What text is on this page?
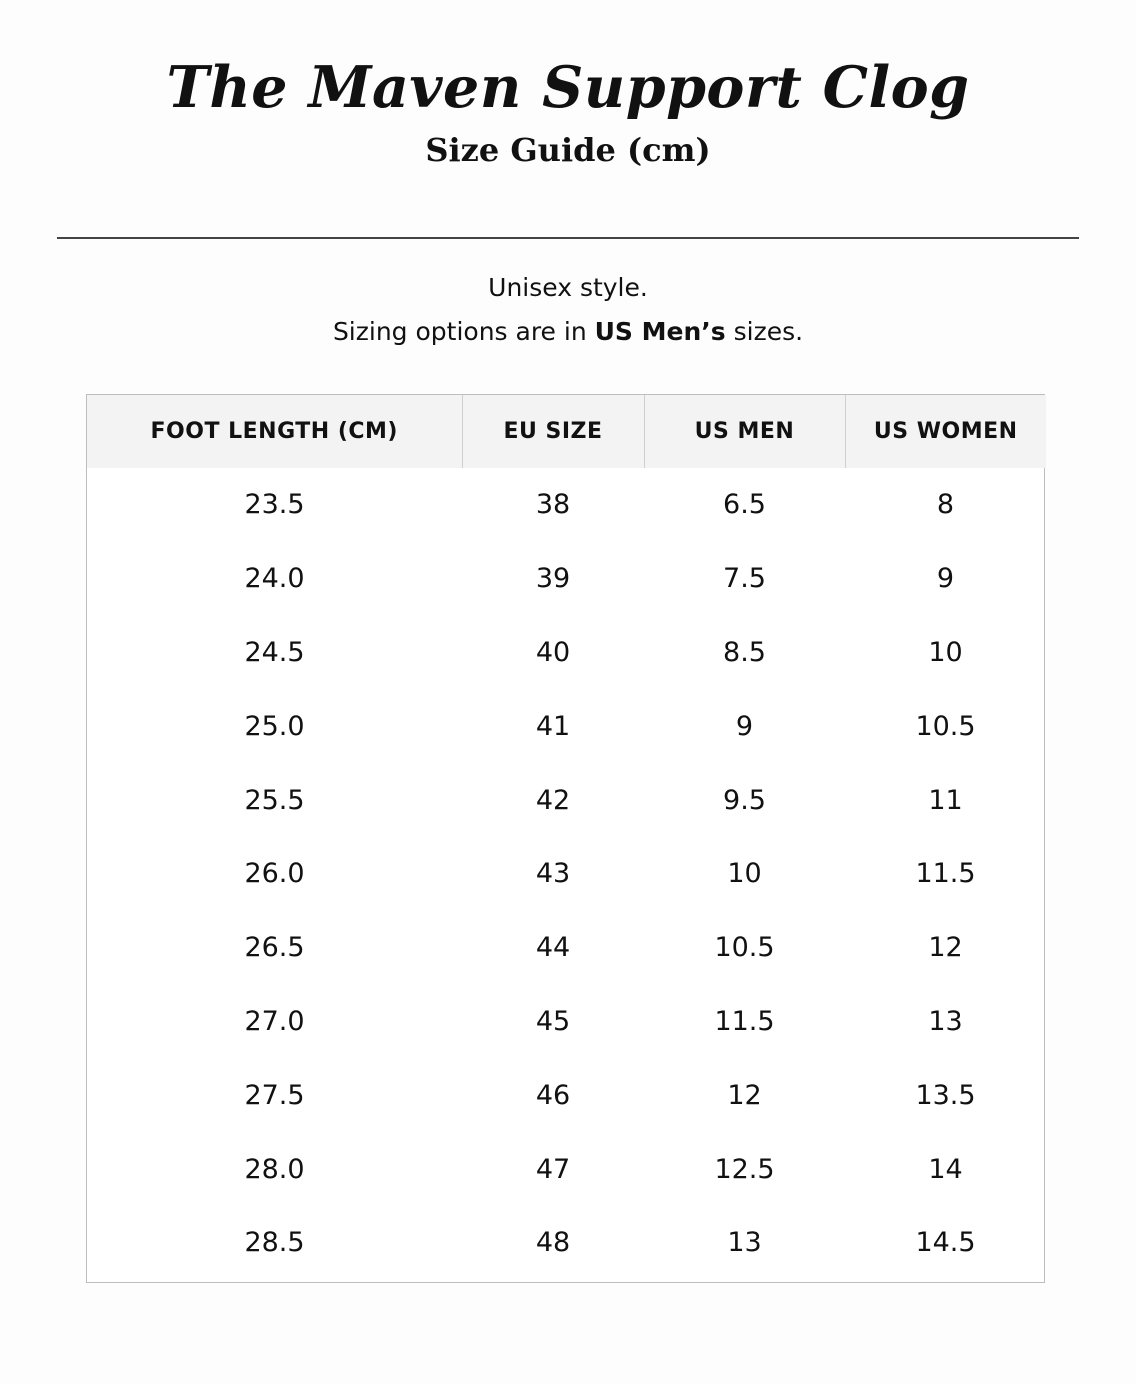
The Maven Support Clog
Size Guide (cm)

Unisex style.

Sizing options are in US Men’s sizes.

FOOT LENGTH (CM)	EU SIZE	US MEN	US WOMEN
23.5	38	6.5	8
24.0	39	7.5	9
24.5	40	8.5	10
25.0	41	9	10.5
25.5	42	9.5	11
26.0	43	10	11.5
26.5	44	10.5	12
27.0	45	11.5	13
27.5	46	12	13.5
28.0	47	12.5	14
28.5	48	13	14.5
